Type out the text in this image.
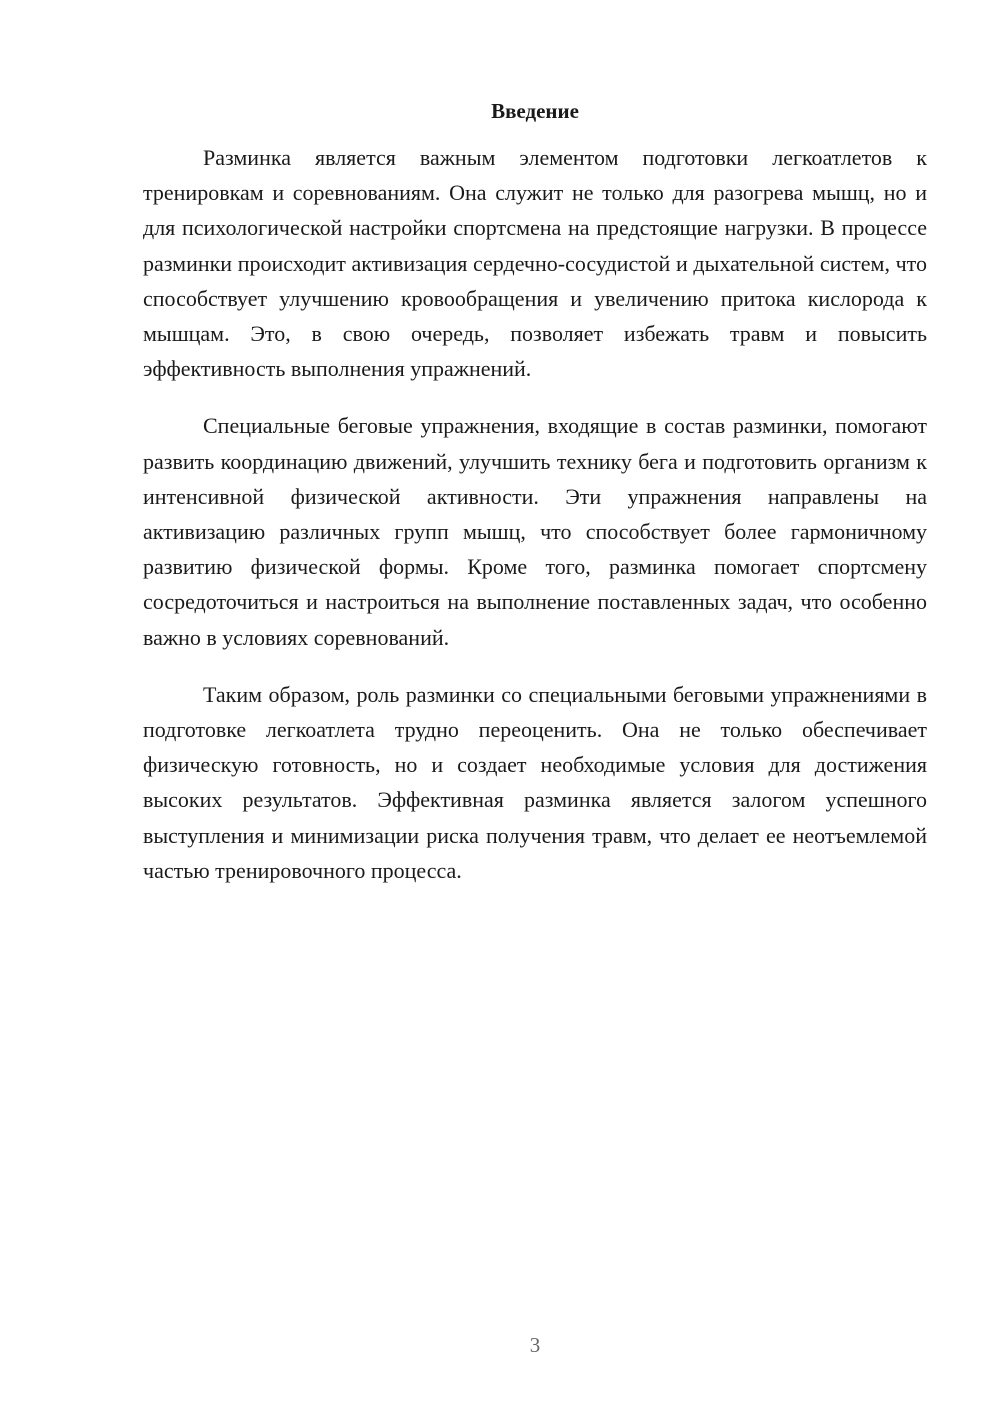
Введение

Разминка является важным элементом подготовки легкоатлетов к тренировкам и соревнованиям. Она служит не только для разогрева мышц, но и для психологической настройки спортсмена на предстоящие нагрузки. В процессе разминки происходит активизация сердечно-сосудистой и дыхательной систем, что способствует улучшению кровообращения и увеличению притока кислорода к мышцам. Это, в свою очередь, позволяет избежать травм и повысить эффективность выполнения упражнений.

Специальные беговые упражнения, входящие в состав разминки, помогают развить координацию движений, улучшить технику бега и подготовить организм к интенсивной физической активности. Эти упражнения направлены на активизацию различных групп мышц, что способствует более гармоничному развитию физической формы. Кроме того, разминка помогает спортсмену сосредоточиться и настроиться на выполнение поставленных задач, что особенно важно в условиях соревнований.

Таким образом, роль разминки со специальными беговыми упражнениями в подготовке легкоатлета трудно переоценить. Она не только обеспечивает физическую готовность, но и создает необходимые условия для достижения высоких результатов. Эффективная разминка является залогом успешного выступления и минимизации риска получения травм, что делает ее неотъемлемой частью тренировочного процесса.

3
